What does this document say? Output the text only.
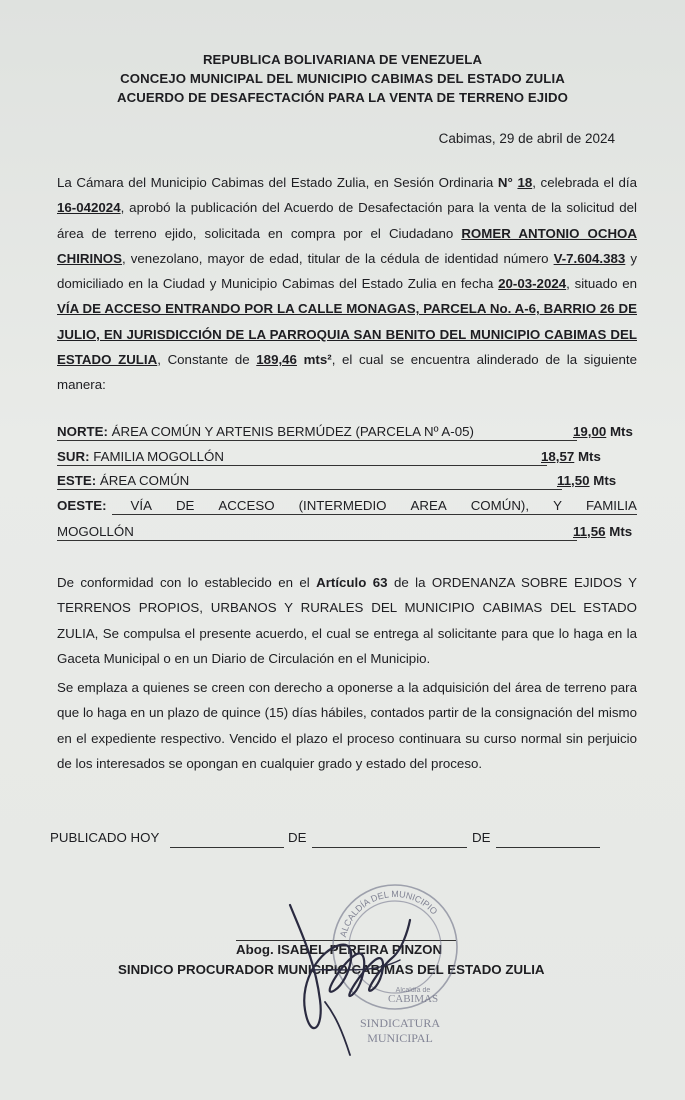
REPUBLICA BOLIVARIANA DE VENEZUELA
CONCEJO MUNICIPAL DEL MUNICIPIO CABIMAS DEL ESTADO ZULIA
ACUERDO DE DESAFECTACIÓN PARA LA VENTA DE TERRENO EJIDO
Cabimas, 29 de abril de 2024
La Cámara del Municipio Cabimas del Estado Zulia, en Sesión Ordinaria N° 18, celebrada el día 16-042024, aprobó la publicación del Acuerdo de Desafectación para la venta de la solicitud del área de terreno ejido, solicitada en compra por el Ciudadano ROMER ANTONIO OCHOA CHIRINOS, venezolano, mayor de edad, titular de la cédula de identidad número V-7.604.383 y domiciliado en la Ciudad y Municipio Cabimas del Estado Zulia en fecha 20-03-2024, situado en VÍA DE ACCESO ENTRANDO POR LA CALLE MONAGAS, PARCELA No. A-6, BARRIO 26 DE JULIO, EN JURISDICCIÓN DE LA PARROQUIA SAN BENITO DEL MUNICIPIO CABIMAS DEL ESTADO ZULIA, Constante de 189,46 mts², el cual se encuentra alinderado de la siguiente manera:
NORTE: ÁREA COMÚN Y ARTENIS BERMÚDEZ (PARCELA Nº A-05)	19,00 Mts
SUR: FAMILIA MOGOLLÓN	18,57 Mts
ESTE: ÁREA COMÚN	11,50 Mts
OESTE: VÍA DE ACCESO (INTERMEDIO AREA COMÚN), Y FAMILIA
MOGOLLÓN	11,56 Mts
De conformidad con lo establecido en el Artículo 63 de la ORDENANZA SOBRE EJIDOS Y TERRENOS PROPIOS, URBANOS Y RURALES DEL MUNICIPIO CABIMAS DEL ESTADO ZULIA, Se compulsa el presente acuerdo, el cual se entrega al solicitante para que lo haga en la Gaceta Municipal o en un Diario de Circulación en el Municipio.
Se emplaza a quienes se creen con derecho a oponerse a la adquisición del área de terreno para que lo haga en un plazo de quince (15) días hábiles, contados partir de la consignación del mismo en el expediente respectivo. Vencido el plazo el proceso continuara su curso normal sin perjuicio de los interesados se opongan en cualquier grado y estado del proceso.
PUBLICADO HOY	DE	DE
Abog. ISABEL PEREIRA PINZON
SINDICO PROCURADOR MUNICIPIO CABIMAS DEL ESTADO ZULIA
ALCALDÍA DEL MUNICIPIO
Alcaldía de
CABIMAS
SINDICATURA
MUNICIPAL
